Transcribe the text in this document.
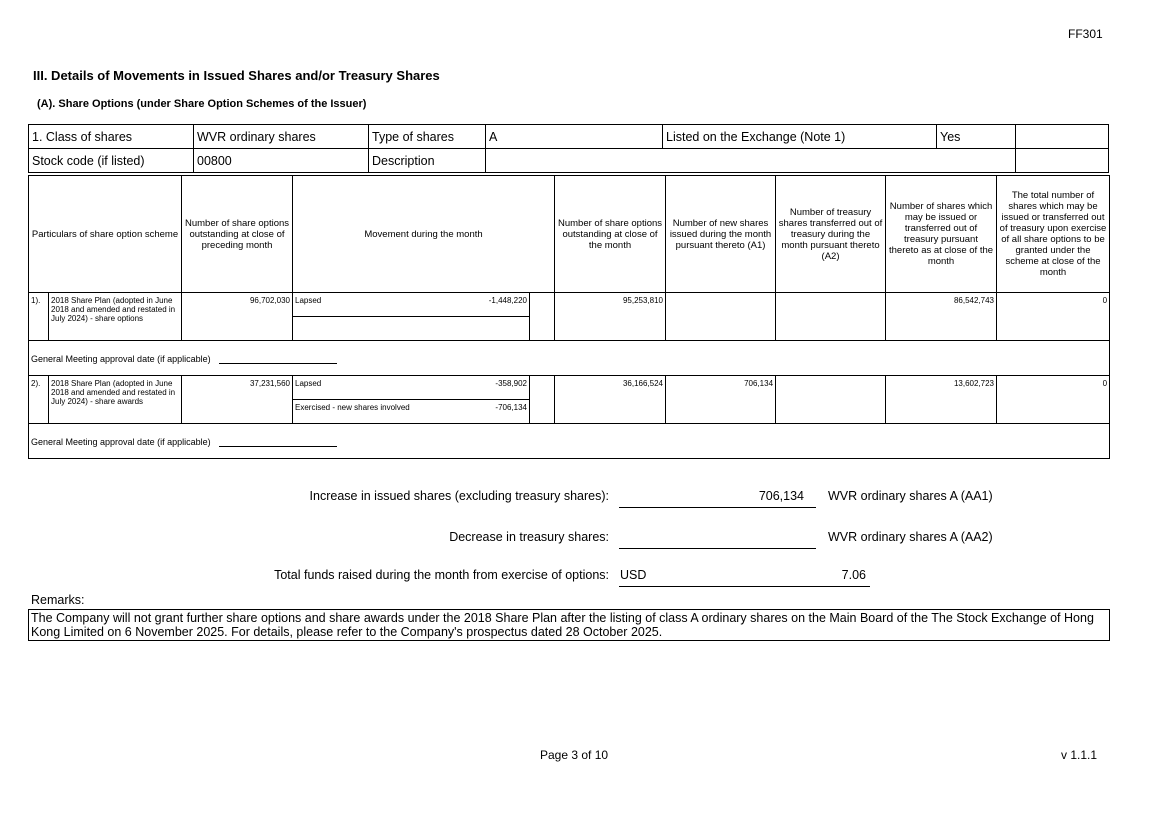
FF301
III. Details of Movements in Issued Shares and/or Treasury Shares
(A). Share Options (under Share Option Schemes of the Issuer)
1. Class of shares	WVR ordinary shares	Type of shares	A	Listed on the Exchange (Note 1)	Yes	
Stock code (if listed)	00800	Description				
Particulars of share option scheme		Number of share options outstanding at close of preceding month	Movement during the month			Number of share options outstanding at close of the month	Number of new shares issued during the month pursuant thereto (A1)	Number of treasury shares transferred out of treasury during the month pursuant thereto (A2)	Number of shares which may be issued or transferred out of treasury pursuant thereto as at close of the month	The total number of shares which may be issued or transferred out of treasury upon exercise of all share options to be granted under the scheme at close of the month
1).	2018 Share Plan (adopted in June 2018 and amended and restated in July 2024) - share options	96,702,030	Lapsed	-1,448,220		95,253,810			86,542,743	0

General Meeting approval date (if applicable)										
2).	2018 Share Plan (adopted in June 2018 and amended and restated in July 2024) - share awards	37,231,560	Lapsed	-358,902		36,166,524	706,134		13,602,723	0
			Exercised - new shares involved	-706,134						
General Meeting approval date (if applicable)										
Increase in issued shares (excluding treasury shares):	706,134 WVR ordinary shares A (AA1)
Decrease in treasury shares:	WVR ordinary shares A (AA2)
Total funds raised during the month from exercise of options: USD	7.06
Remarks:
The Company will not grant further share options and share awards under the 2018 Share Plan after the listing of class A ordinary shares on the Main Board of the The Stock Exchange of Hong Kong Limited on 6 November 2025. For details, please refer to the Company's prospectus dated 28 October 2025.
Page 3 of 10	v 1.1.1
